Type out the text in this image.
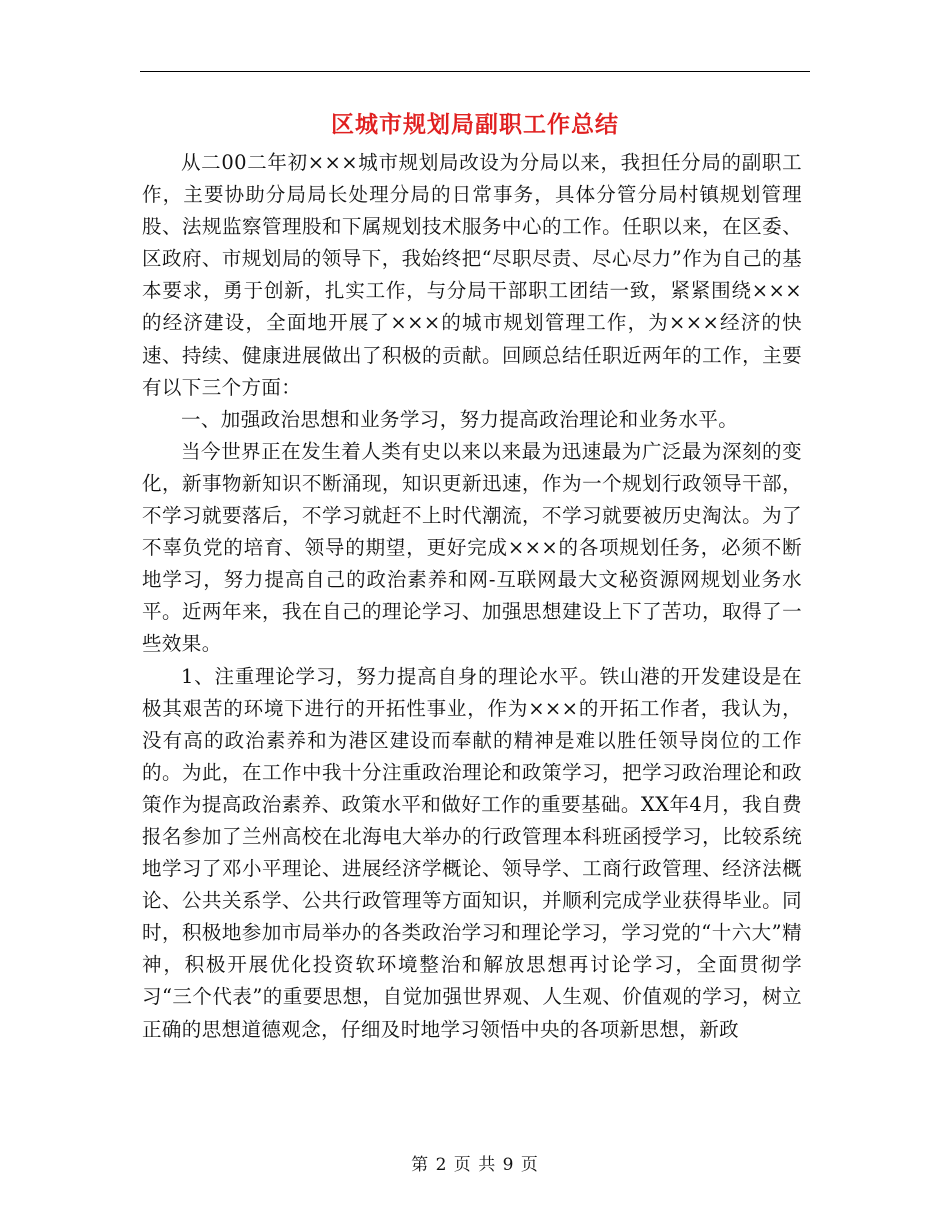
区城市规划局副职工作总结

从二00二年初×××城市规划局改设为分局以来，我担任分局的副职工作，主要协助分局局长处理分局的日常事务，具体分管分局村镇规划管理股、法规监察管理股和下属规划技术服务中心的工作。任职以来，在区委、区政府、市规划局的领导下，我始终把“尽职尽责、尽心尽力”作为自己的基本要求，勇于创新，扎实工作，与分局干部职工团结一致，紧紧围绕×××的经济建设，全面地开展了×××的城市规划管理工作，为×××经济的快速、持续、健康进展做出了积极的贡献。回顾总结任职近两年的工作，主要有以下三个方面：

一、加强政治思想和业务学习，努力提高政治理论和业务水平。

当今世界正在发生着人类有史以来以来最为迅速最为广泛最为深刻的变化，新事物新知识不断涌现，知识更新迅速，作为一个规划行政领导干部，不学习就要落后，不学习就赶不上时代潮流，不学习就要被历史淘汰。为了不辜负党的培育、领导的期望，更好完成×××的各项规划任务，必须不断地学习，努力提高自己的政治素养和网-互联网最大文秘资源网规划业务水平。近两年来，我在自己的理论学习、加强思想建设上下了苦功，取得了一些效果。

1、注重理论学习，努力提高自身的理论水平。铁山港的开发建设是在极其艰苦的环境下进行的开拓性事业，作为×××的开拓工作者，我认为，没有高的政治素养和为港区建设而奉献的精神是难以胜任领导岗位的工作的。为此，在工作中我十分注重政治理论和政策学习，把学习政治理论和政策作为提高政治素养、政策水平和做好工作的重要基础。XX年4月，我自费报名参加了兰州高校在北海电大举办的行政管理本科班函授学习，比较系统地学习了邓小平理论、进展经济学概论、领导学、工商行政管理、经济法概论、公共关系学、公共行政管理等方面知识，并顺利完成学业获得毕业。同时，积极地参加市局举办的各类政治学习和理论学习，学习党的“十六大”精神，积极开展优化投资软环境整治和解放思想再讨论学习，全面贯彻学习“三个代表”的重要思想，自觉加强世界观、人生观、价值观的学习，树立正确的思想道德观念，仔细及时地学习领悟中央的各项新思想，新政

第 2 页 共 9 页
